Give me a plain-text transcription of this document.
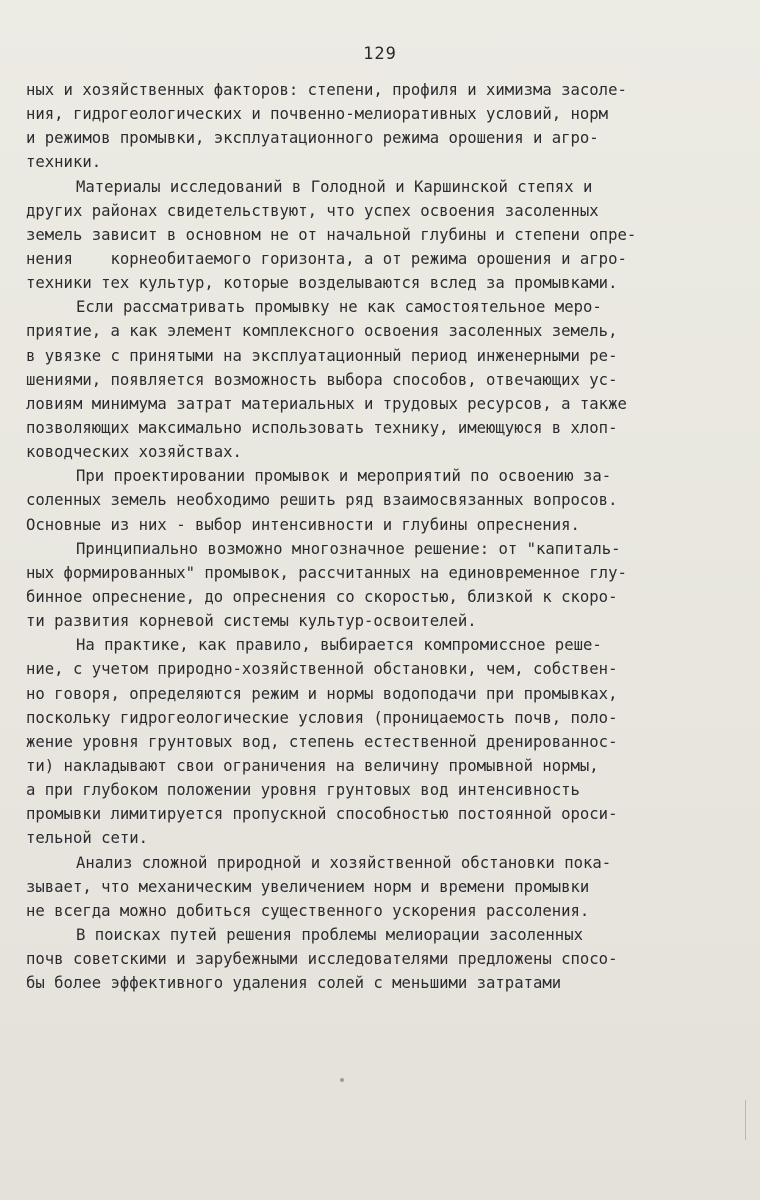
129
ных и хозяйственных факторов: степени, профиля и химизма засоле-
ния, гидрогеологических и почвенно-мелиоративных условий, норм
и режимов промывки, эксплуатационного режима орошения и агро-
техники.
Материалы исследований в Голодной и Каршинской степях и
других районах свидетельствуют, что успех освоения засоленных
земель зависит в основном не от начальной глубины и степени опре-
нения    корнеобитаемого горизонта, а от режима орошения и агро-
техники тех культур, которые возделываются вслед за промывками.
Если рассматривать промывку не как самостоятельное меро-
приятие, а как элемент комплексного освоения засоленных земель,
в увязке с принятыми на эксплуатационный период инженерными ре-
шениями, появляется возможность выбора способов, отвечающих ус-
ловиям минимума затрат материальных и трудовых ресурсов, а также
позволяющих максимально использовать технику, имеющуюся в хлоп-
ководческих хозяйствах.
При проектировании промывок и мероприятий по освоению за-
соленных земель необходимо решить ряд взаимосвязанных вопросов.
Основные из них - выбор интенсивности и глубины опреснения.
Принципиально возможно многозначное решение: от "капиталь-
ных формированных" промывок, рассчитанных на единовременное глу-
бинное опреснение, до опреснения со скоростью, близкой к скоро-
ти развития корневой системы культур-освоителей.
На практике, как правило, выбирается компромиссное реше-
ние, с учетом природно-хозяйственной обстановки, чем, собствен-
но говоря, определяются режим и нормы водоподачи при промывках,
поскольку гидрогеологические условия (проницаемость почв, поло-
жение уровня грунтовых вод, степень естественной дренированнос-
ти) накладывают свои ограничения на величину промывной нормы,
а при глубоком положении уровня грунтовых вод интенсивность
промывки лимитируется пропускной способностью постоянной ороси-
тельной сети.
Анализ сложной природной и хозяйственной обстановки пока-
зывает, что механическим увеличением норм и времени промывки
не всегда можно добиться существенного ускорения рассоления.
В поисках путей решения проблемы мелиорации засоленных
почв советскими и зарубежными исследователями предложены спосо-
бы более эффективного удаления солей с меньшими затратами
